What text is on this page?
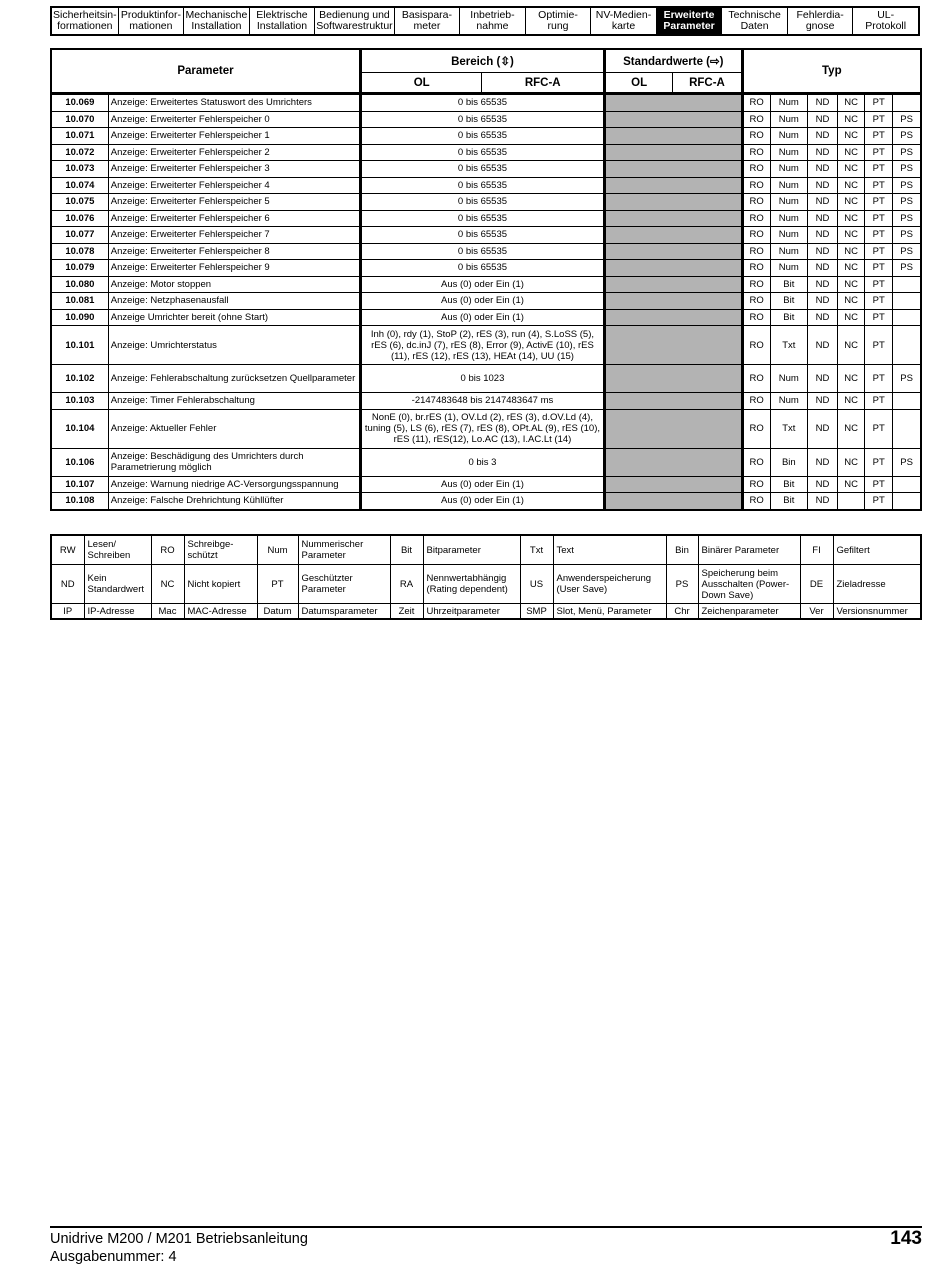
Sicherheitsin-
formationen
Produktinfor-
mationen
Mechanische
Installation
Elektrische
Installation
Bedienung und
Softwarestruktur
Basispara-
meter
Inbetrieb-
nahme
Optimie-
rung
NV-Medien-
karte
Erweiterte
Parameter
Technische
Daten
Fehlerdia-
gnose
UL-
Protokoll
Parameter		Bereich (⇳)		Standardwerte (⇨)		Typ					
		OL	RFC-A	OL	RFC-A						
10.069	Anzeige: Erweitertes Statuswort des Umrichters	0 bis 65535				RO	Num	ND	NC	PT	
10.070	Anzeige: Erweiterter Fehlerspeicher 0	0 bis 65535				RO	Num	ND	NC	PT	PS
10.071	Anzeige: Erweiterter Fehlerspeicher 1	0 bis 65535				RO	Num	ND	NC	PT	PS
10.072	Anzeige: Erweiterter Fehlerspeicher 2	0 bis 65535				RO	Num	ND	NC	PT	PS
10.073	Anzeige: Erweiterter Fehlerspeicher 3	0 bis 65535				RO	Num	ND	NC	PT	PS
10.074	Anzeige: Erweiterter Fehlerspeicher 4	0 bis 65535				RO	Num	ND	NC	PT	PS
10.075	Anzeige: Erweiterter Fehlerspeicher 5	0 bis 65535				RO	Num	ND	NC	PT	PS
10.076	Anzeige: Erweiterter Fehlerspeicher 6	0 bis 65535				RO	Num	ND	NC	PT	PS
10.077	Anzeige: Erweiterter Fehlerspeicher 7	0 bis 65535				RO	Num	ND	NC	PT	PS
10.078	Anzeige: Erweiterter Fehlerspeicher 8	0 bis 65535				RO	Num	ND	NC	PT	PS
10.079	Anzeige: Erweiterter Fehlerspeicher 9	0 bis 65535				RO	Num	ND	NC	PT	PS
10.080	Anzeige: Motor stoppen	Aus (0) oder Ein (1)				RO	Bit	ND	NC	PT	
10.081	Anzeige: Netzphasenausfall	Aus (0) oder Ein (1)				RO	Bit	ND	NC	PT	
10.090	Anzeige Umrichter bereit (ohne Start)	Aus (0) oder Ein (1)				RO	Bit	ND	NC	PT	
10.101	Anzeige: Umrichterstatus	Inh (0), rdy (1), StoP (2), rES (3), run (4), S.LoSS (5), rES (6), dc.inJ (7), rES (8), Error (9), ActivE (10), rES (11), rES (12), rES (13), HEAt (14), UU (15)				RO	Txt	ND	NC	PT	
10.102	Anzeige: Fehlerabschaltung zurücksetzen Quellparameter	0 bis 1023				RO	Num	ND	NC	PT	PS
10.103	Anzeige: Timer Fehlerabschaltung	-2147483648 bis 2147483647 ms				RO	Num	ND	NC	PT	
10.104	Anzeige: Aktueller Fehler	NonE (0), br.rES (1), OV.Ld (2), rES (3), d.OV.Ld (4), tuning (5), LS (6), rES (7), rES (8), OPt.AL (9), rES (10), rES (11), rES(12), Lo.AC (13), I.AC.Lt (14)				RO	Txt	ND	NC	PT	
10.106	Anzeige: Beschädigung des Umrichters durch Parametrierung möglich	0 bis 3				RO	Bin	ND	NC	PT	PS
10.107	Anzeige: Warnung niedrige AC-Versorgungsspannung	Aus (0) oder Ein (1)				RO	Bit	ND	NC	PT	
10.108	Anzeige: Falsche Drehrichtung Kühllüfter	Aus (0) oder Ein (1)				RO	Bit	ND		PT	
RW	Lesen/ Schreiben	RO	Schreibge- schützt	Num	Nummerischer Parameter	Bit	Bitparameter	Txt	Text	Bin	Binärer Parameter	FI	Gefiltert
ND	Kein Standardwert	NC	Nicht kopiert	PT	Geschützter Parameter	RA	Nennwertabhängig (Rating dependent)	US	Anwenderspeicherung (User Save)	PS	Speicherung beim Ausschalten (Power-Down Save)	DE	Zieladresse
IP	IP-Adresse	Mac	MAC-Adresse	Datum	Datumsparameter	Zeit	Uhrzeitparameter	SMP	Slot, Menü, Parameter	Chr	Zeichenparameter	Ver	Versionsnummer
Unidrive M200 / M201 Betriebsanleitung
Ausgabenummer: 4
143
